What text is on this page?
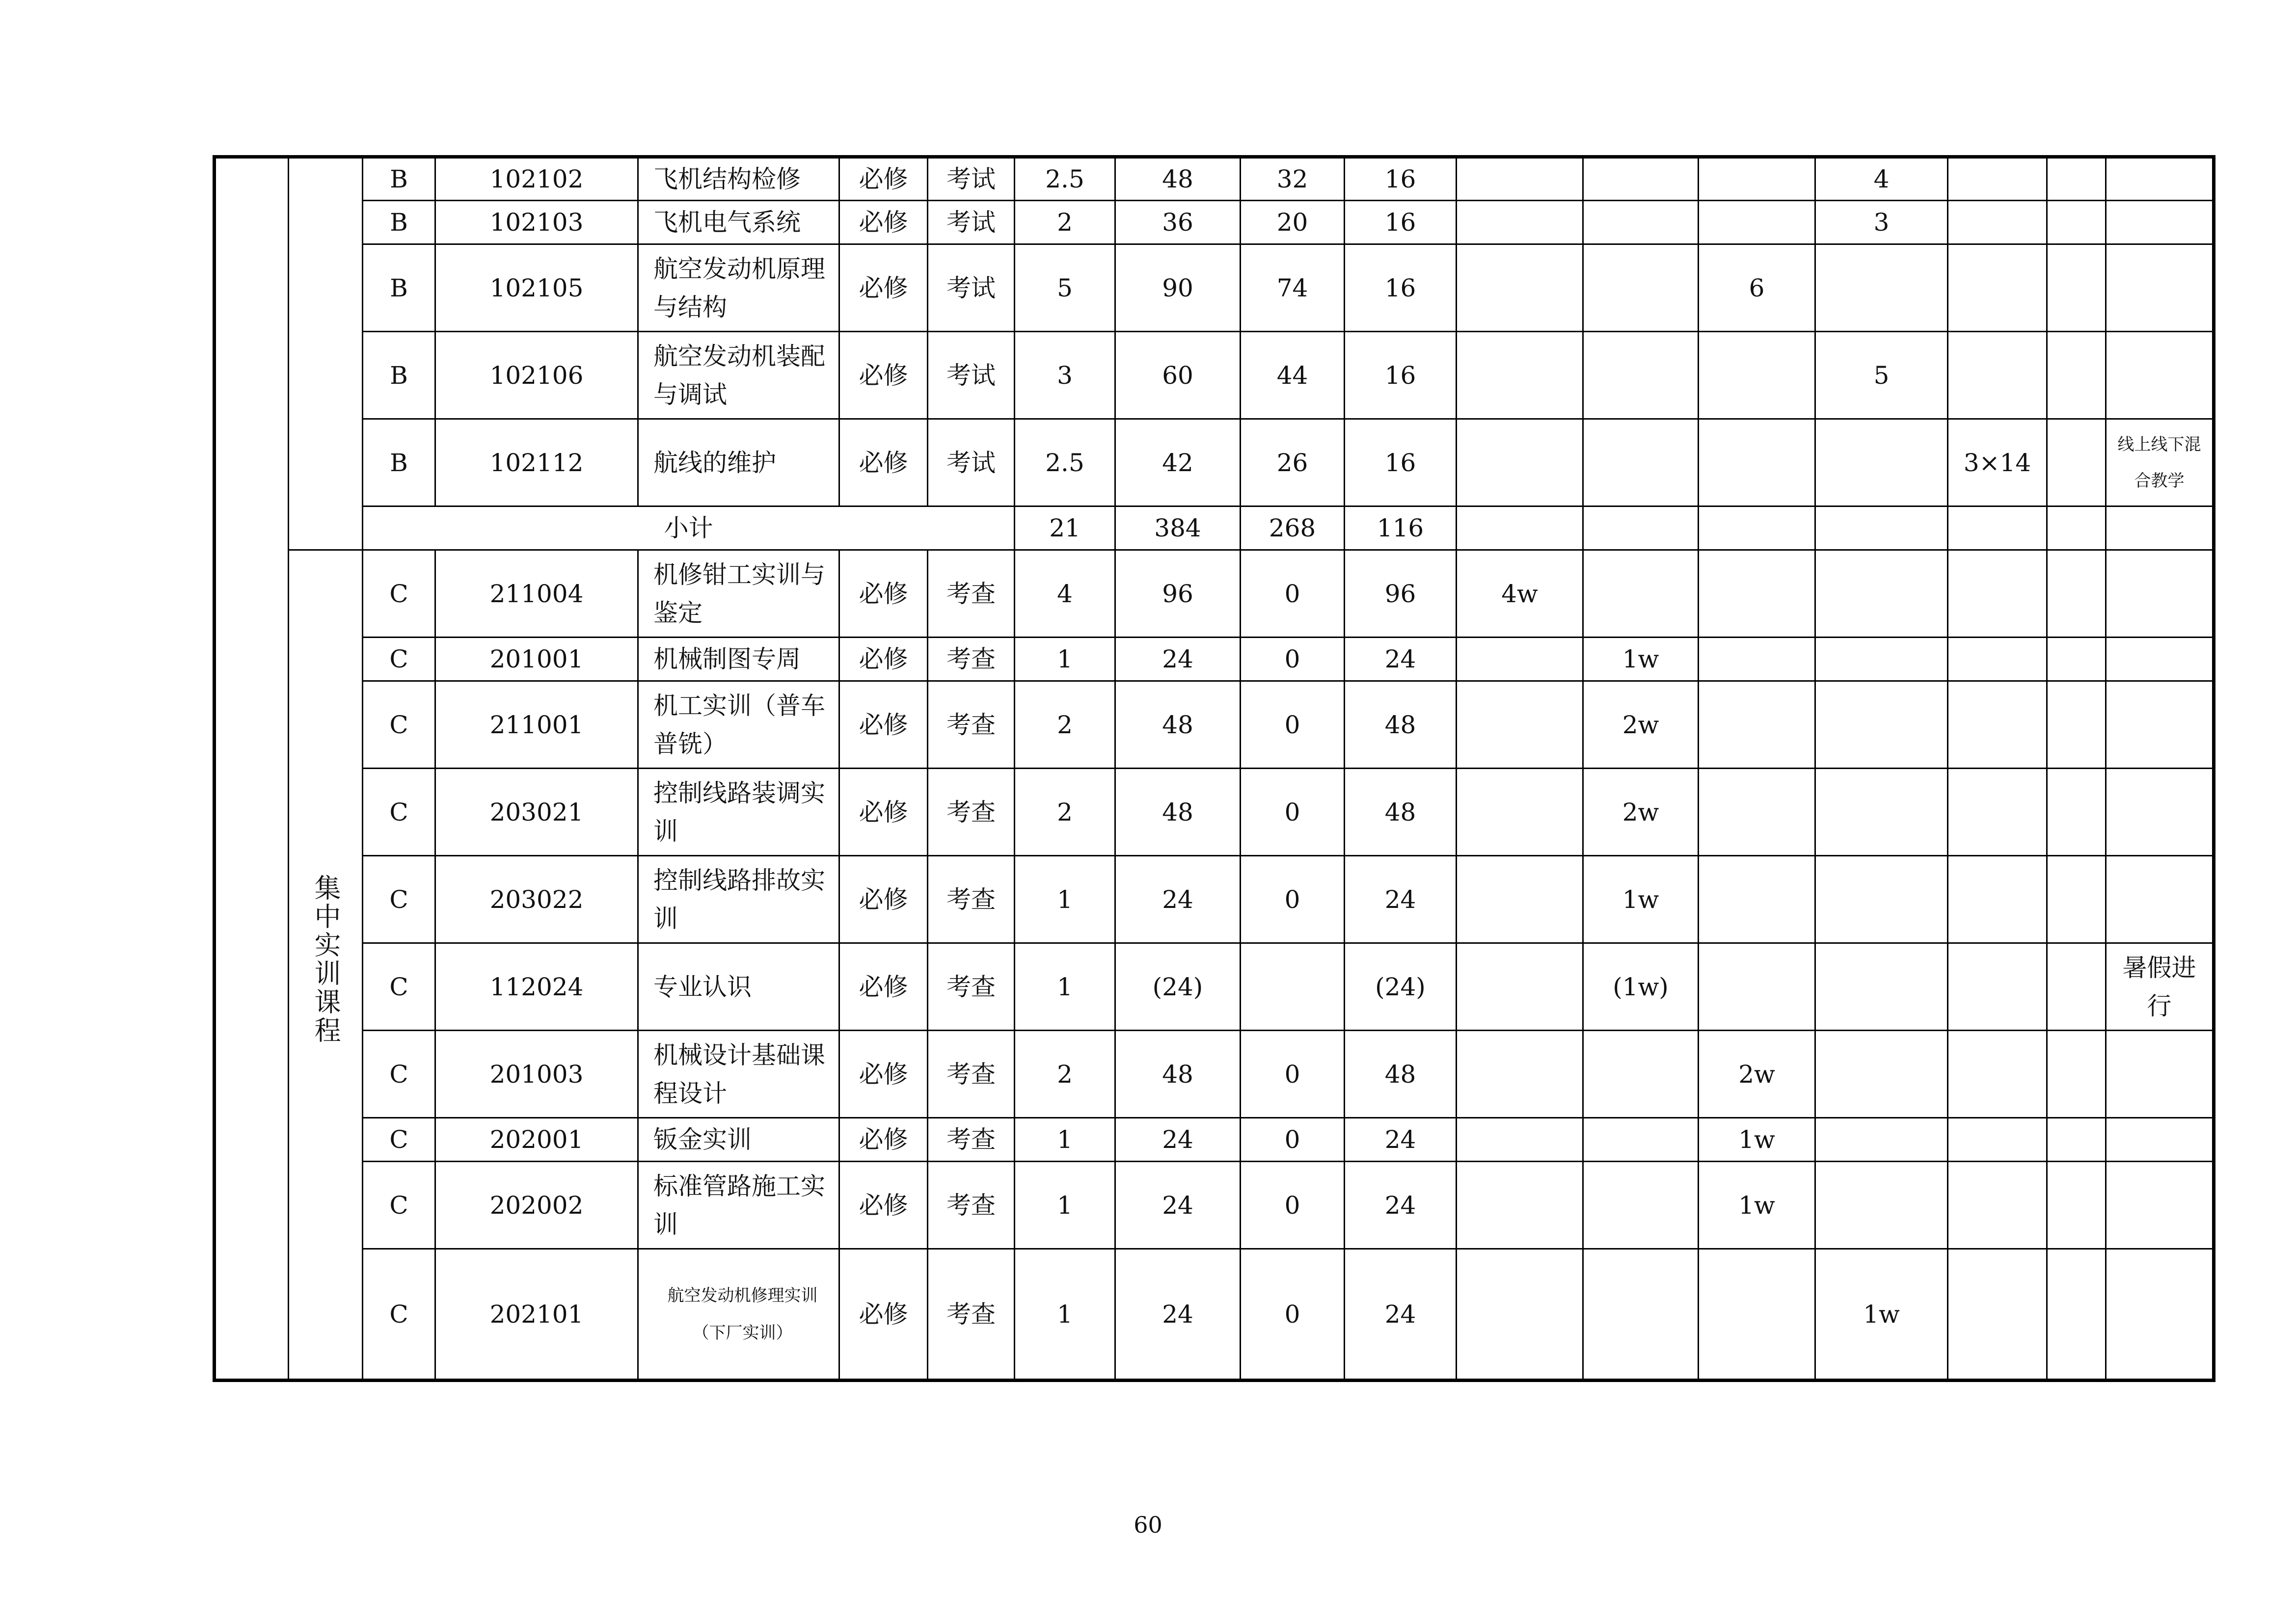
		B	102102	飞机结构检修	必修	考试	2.5	48	32	16				4			
		B	102103	飞机电气系统	必修	考试	2	36	20	16				3			
		B	102105	航空发动机原理与结构	必修	考试	5	90	74	16			6				
		B	102106	航空发动机装配与调试	必修	考试	3	60	44	16				5			
		B	102112	航线的维护	必修	考试	2.5	42	26	16					3×14		线上线下混合教学
		小计					21	384	268	116							
	集中实训课程	C	211004	机修钳工实训与鉴定	必修	考查	4	96	0	96	4w						
		C	201001	机械制图专周	必修	考查	1	24	0	24		1w					
		C	211001	机工实训（普车普铣）	必修	考查	2	48	0	48		2w					
		C	203021	控制线路装调实训	必修	考查	2	48	0	48		2w					
		C	203022	控制线路排故实训	必修	考查	1	24	0	24		1w					
		C	112024	专业认识	必修	考查	1	(24)		(24)		(1w)					暑假进行
		C	201003	机械设计基础课程设计	必修	考查	2	48	0	48			2w				
		C	202001	钣金实训	必修	考查	1	24	0	24			1w				
		C	202002	标准管路施工实训	必修	考查	1	24	0	24			1w				
		C	202101	航空发动机修理实训（下厂实训）	必修	考查	1	24	0	24				1w			
60
